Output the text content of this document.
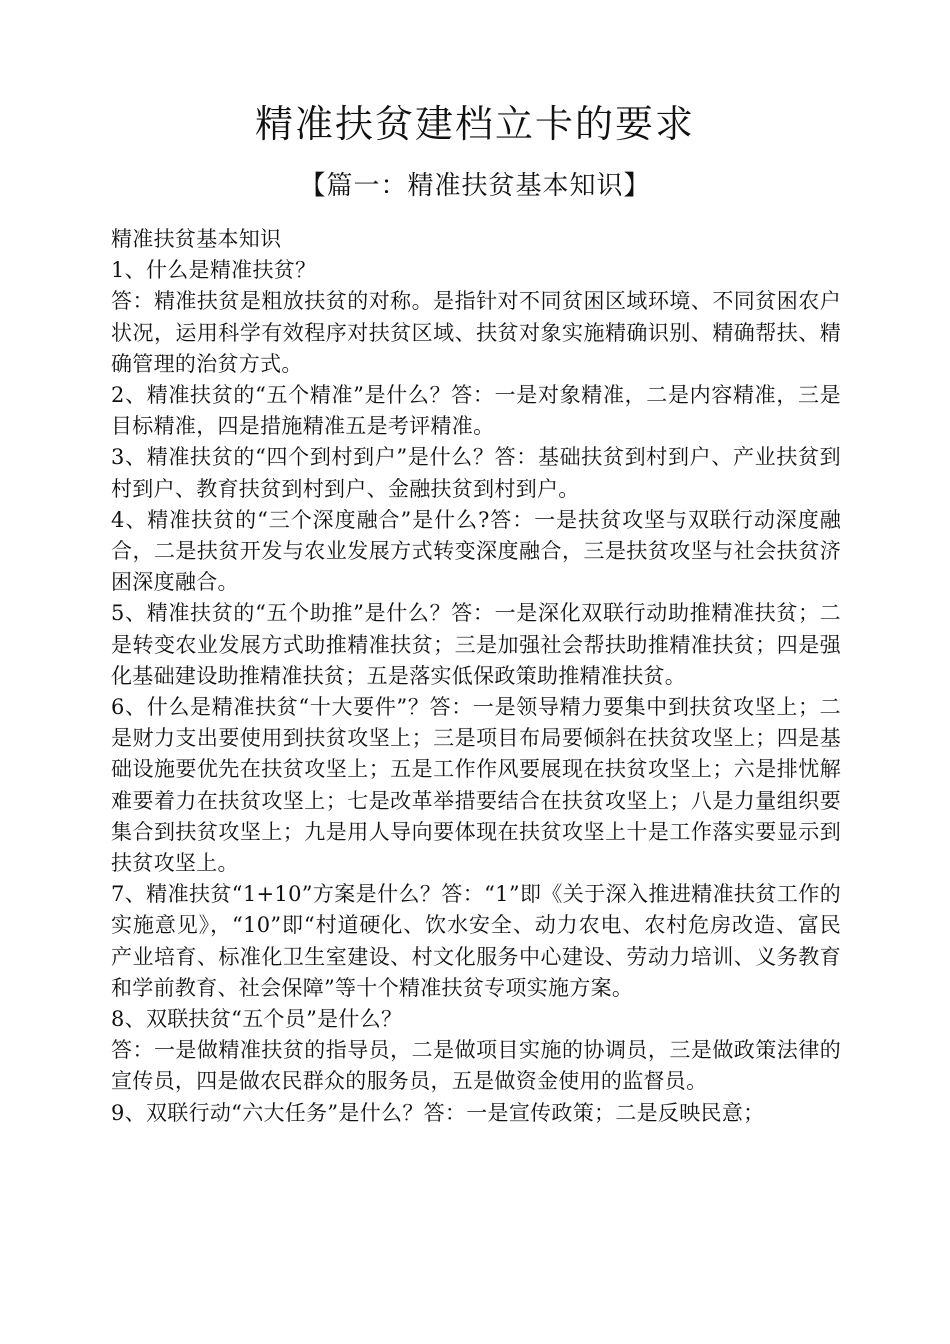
精准扶贫建档立卡的要求
【篇一：精准扶贫基本知识】

精准扶贫基本知识

1、什么是精准扶贫？

答：精准扶贫是粗放扶贫的对称。是指针对不同贫困区域环境、不同贫困农户状况，运用科学有效程序对扶贫区域、扶贫对象实施精确识别、精确帮扶、精确管理的治贫方式。

2、精准扶贫的“五个精准”是什么？答：一是对象精准，二是内容精准，三是目标精准，四是措施精准五是考评精准。

3、精准扶贫的“四个到村到户”是什么？答：基础扶贫到村到户、产业扶贫到村到户、教育扶贫到村到户、金融扶贫到村到户。

4、精准扶贫的“三个深度融合”是什么?答：一是扶贫攻坚与双联行动深度融合，二是扶贫开发与农业发展方式转变深度融合，三是扶贫攻坚与社会扶贫济困深度融合。

5、精准扶贫的“五个助推”是什么？答：一是深化双联行动助推精准扶贫；二是转变农业发展方式助推精准扶贫；三是加强社会帮扶助推精准扶贫；四是强化基础建设助推精准扶贫；五是落实低保政策助推精准扶贫。

6、什么是精准扶贫“十大要件”？答：一是领导精力要集中到扶贫攻坚上；二是财力支出要使用到扶贫攻坚上；三是项目布局要倾斜在扶贫攻坚上；四是基础设施要优先在扶贫攻坚上；五是工作作风要展现在扶贫攻坚上；六是排忧解难要着力在扶贫攻坚上；七是改革举措要结合在扶贫攻坚上；八是力量组织要集合到扶贫攻坚上；九是用人导向要体现在扶贫攻坚上十是工作落实要显示到扶贫攻坚上。

7、精准扶贫“1+10”方案是什么？答：“1”即《关于深入推进精准扶贫工作的实施意见》，“10”即“村道硬化、饮水安全、动力农电、农村危房改造、富民产业培育、标准化卫生室建设、村文化服务中心建设、劳动力培训、义务教育和学前教育、社会保障”等十个精准扶贫专项实施方案。

8、双联扶贫“五个员”是什么？

答：一是做精准扶贫的指导员，二是做项目实施的协调员，三是做政策法律的宣传员，四是做农民群众的服务员，五是做资金使用的监督员。

9、双联行动“六大任务”是什么？答：一是宣传政策；二是反映民意；
